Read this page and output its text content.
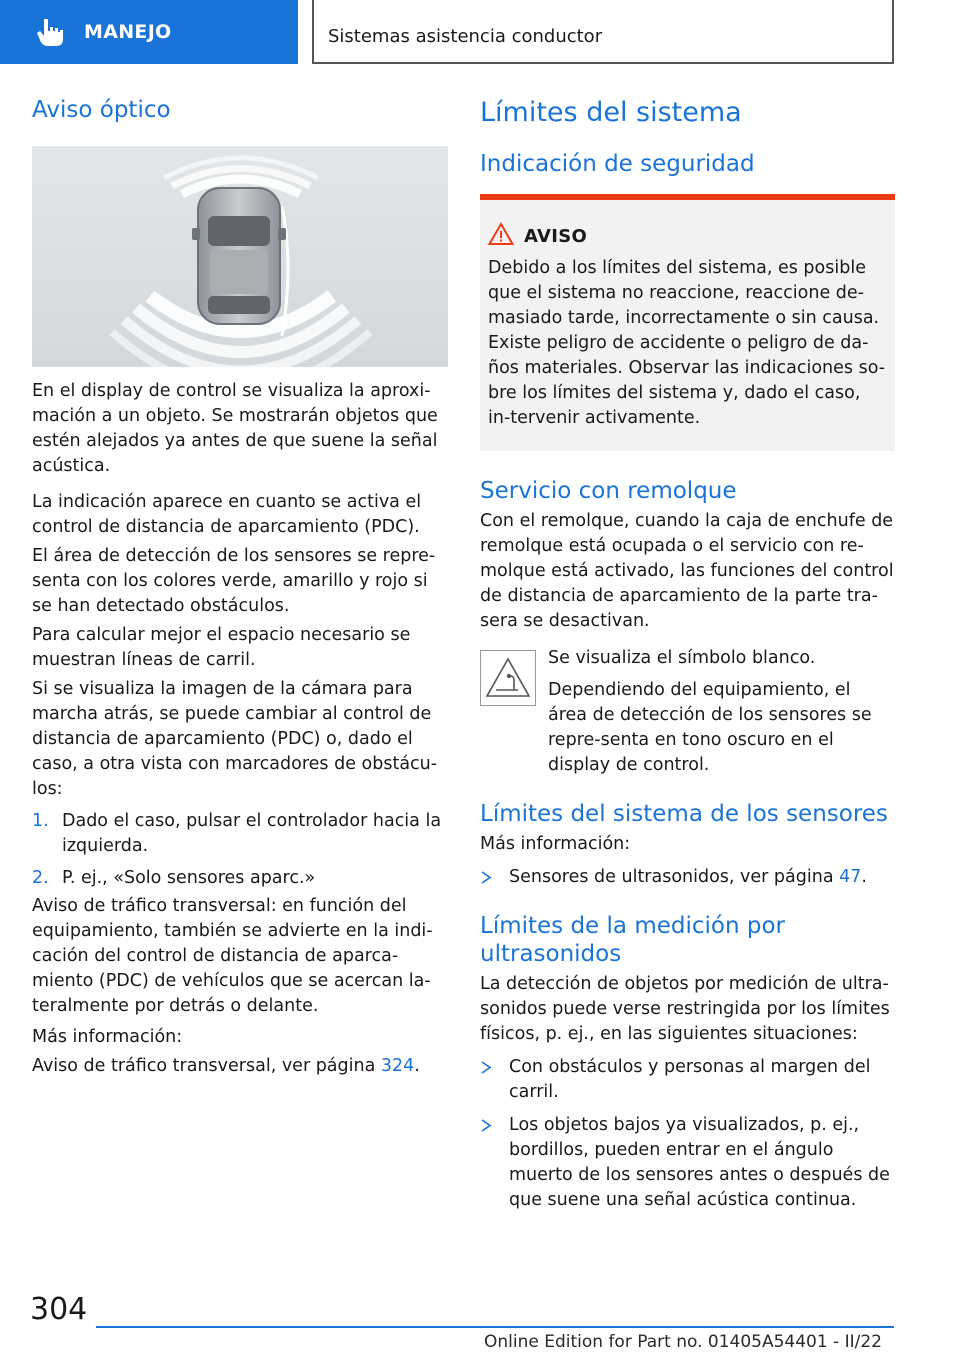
MANEJO	Sistemas asistencia conductor
Aviso óptico

En el display de control se visualiza la aproxi-mación a un objeto. Se mostrarán objetos que estén alejados ya antes de que suene la señal acústica.

La indicación aparece en cuanto se activa el control de distancia de aparcamiento (PDC).

El área de detección de los sensores se repre-senta con los colores verde, amarillo y rojo si se han detectado obstáculos.

Para calcular mejor el espacio necesario se muestran líneas de carril.

Si se visualiza la imagen de la cámara para marcha atrás, se puede cambiar al control de distancia de aparcamiento (PDC) o, dado el caso, a otra vista con marcadores de obstácu-los:

1. Dado el caso, pulsar el controlador hacia la izquierda.
2. P. ej., «Solo sensores aparc.»

Aviso de tráfico transversal: en función del equipamiento, también se advierte en la indi-cación del control de distancia de aparca-miento (PDC) de vehículos que se acercan la-teralmente por detrás o delante.

Más información:

Aviso de tráfico transversal, ver página 324.

Límites del sistema
Indicación de seguridad
AVISO

Debido a los límites del sistema, es posible que el sistema no reaccione, reaccione de-masiado tarde, incorrectamente o sin causa. Existe peligro de accidente o peligro de da-ños materiales. Observar las indicaciones so-bre los límites del sistema y, dado el caso, in-tervenir activamente.

Servicio con remolque

Con el remolque, cuando la caja de enchufe de remolque está ocupada o el servicio con re-molque está activado, las funciones del control de distancia de aparcamiento de la parte tra-sera se desactivan.

Se visualiza el símbolo blanco.

Dependiendo del equipamiento, el área de detección de los sensores se repre-senta en tono oscuro en el display de control.

Límites del sistema de los sensores

Más información:

Sensores de ultrasonidos, ver página 47.
Límites de la medición por ultrasonidos

La detección de objetos por medición de ultra-sonidos puede verse restringida por los límites físicos, p. ej., en las siguientes situaciones:

Con obstáculos y personas al margen del carril.
Los objetos bajos ya visualizados, p. ej., bordillos, pueden entrar en el ángulo muerto de los sensores antes o después de que suene una señal acústica continua.
304
Online Edition for Part no. 01405A54401 - II/22
